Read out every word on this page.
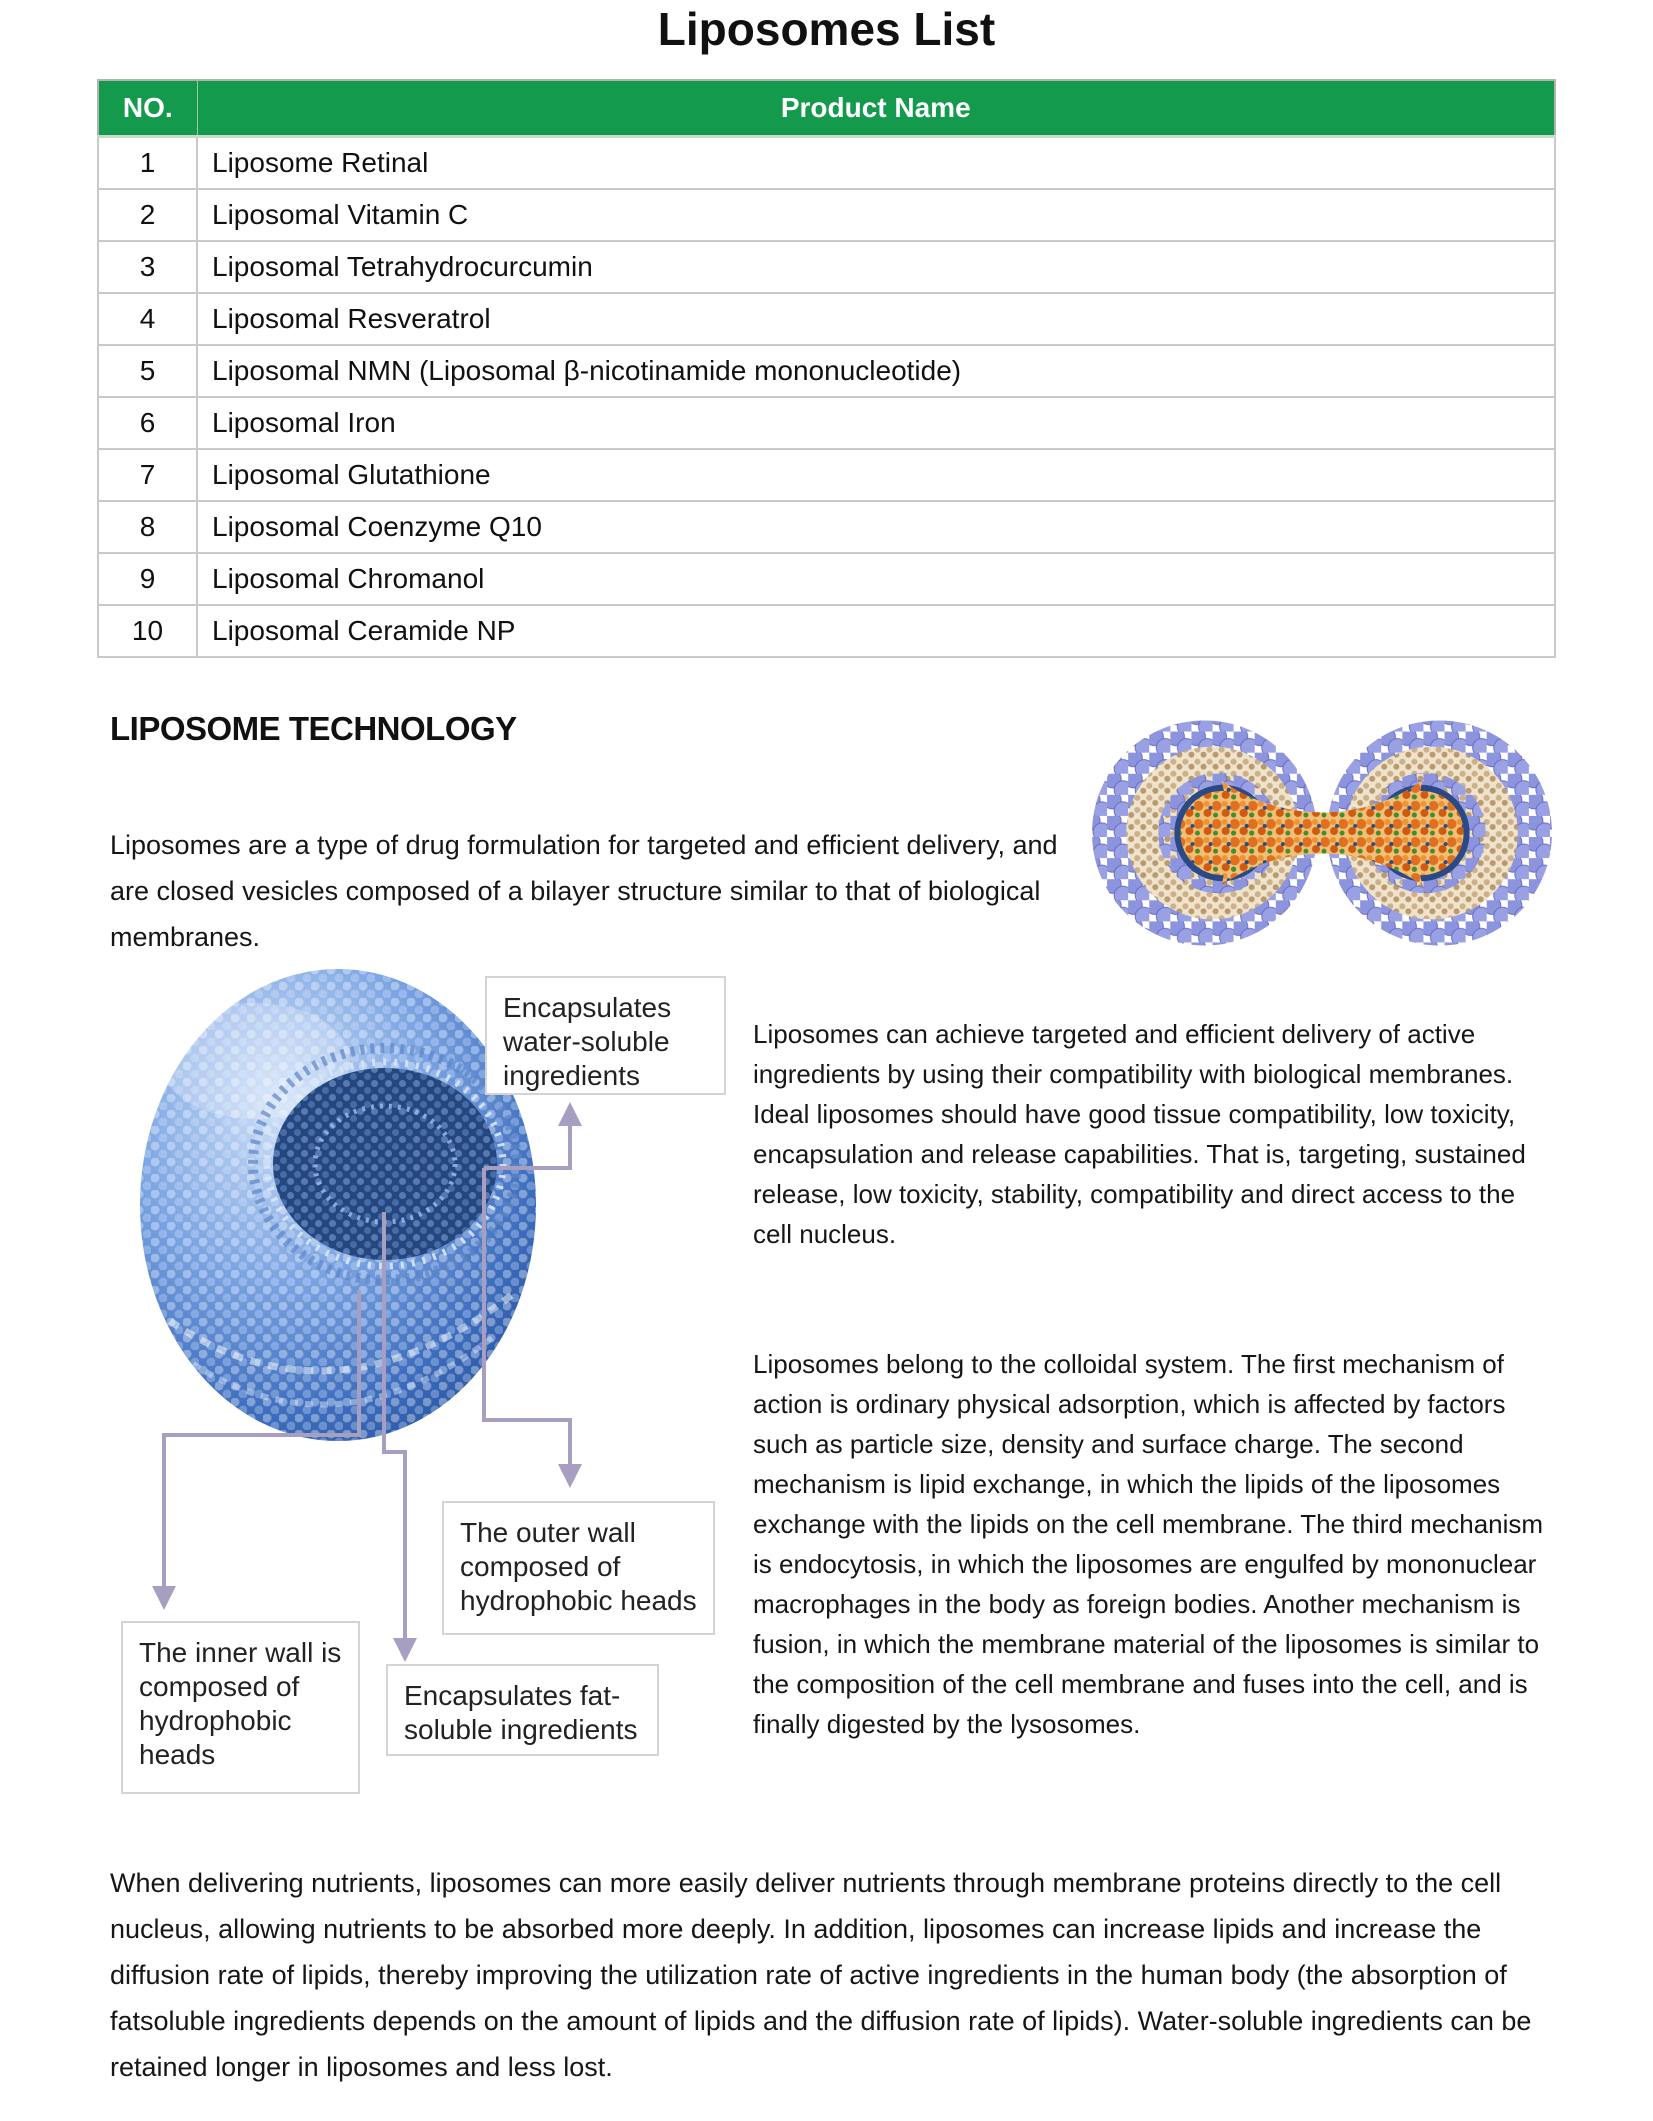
Liposomes List
NO.	Product Name
1	Liposome Retinal
2	Liposomal Vitamin C
3	Liposomal Tetrahydrocurcumin
4	Liposomal Resveratrol
5	Liposomal NMN (Liposomal β-nicotinamide mononucleotide)
6	Liposomal Iron
7	Liposomal Glutathione
8	Liposomal Coenzyme Q10
9	Liposomal Chromanol
10	Liposomal Ceramide NP
LIPOSOME TECHNOLOGY

Liposomes are a type of drug formulation for targeted and efficient delivery, and are closed vesicles composed of a bilayer structure similar to that of biological membranes.

Encapsulates water-soluble ingredients
The outer wall composed of hydrophobic heads
The inner wall is composed of hydrophobic heads
Encapsulates fat-soluble ingredients

Liposomes can achieve targeted and efficient delivery of active ingredients by using their compatibility with biological membranes. Ideal liposomes should have good tissue compatibility, low toxicity, encapsulation and release capabilities. That is, targeting, sustained release, low toxicity, stability, compatibility and direct access to the cell nucleus.

Liposomes belong to the colloidal system. The first mechanism of action is ordinary physical adsorption, which is affected by factors such as particle size, density and surface charge. The second mechanism is lipid exchange, in which the lipids of the liposomes exchange with the lipids on the cell membrane. The third mechanism is endocytosis, in which the liposomes are engulfed by mononuclear macrophages in the body as foreign bodies. Another mechanism is fusion, in which the membrane material of the liposomes is similar to the composition of the cell membrane and fuses into the cell, and is finally digested by the lysosomes.

When delivering nutrients, liposomes can more easily deliver nutrients through membrane proteins directly to the cell nucleus, allowing nutrients to be absorbed more deeply. In addition, liposomes can increase lipids and increase the diffusion rate of lipids, thereby improving the utilization rate of active ingredients in the human body (the absorption of fatsoluble ingredients depends on the amount of lipids and the diffusion rate of lipids). Water-soluble ingredients can be retained longer in liposomes and less lost.
